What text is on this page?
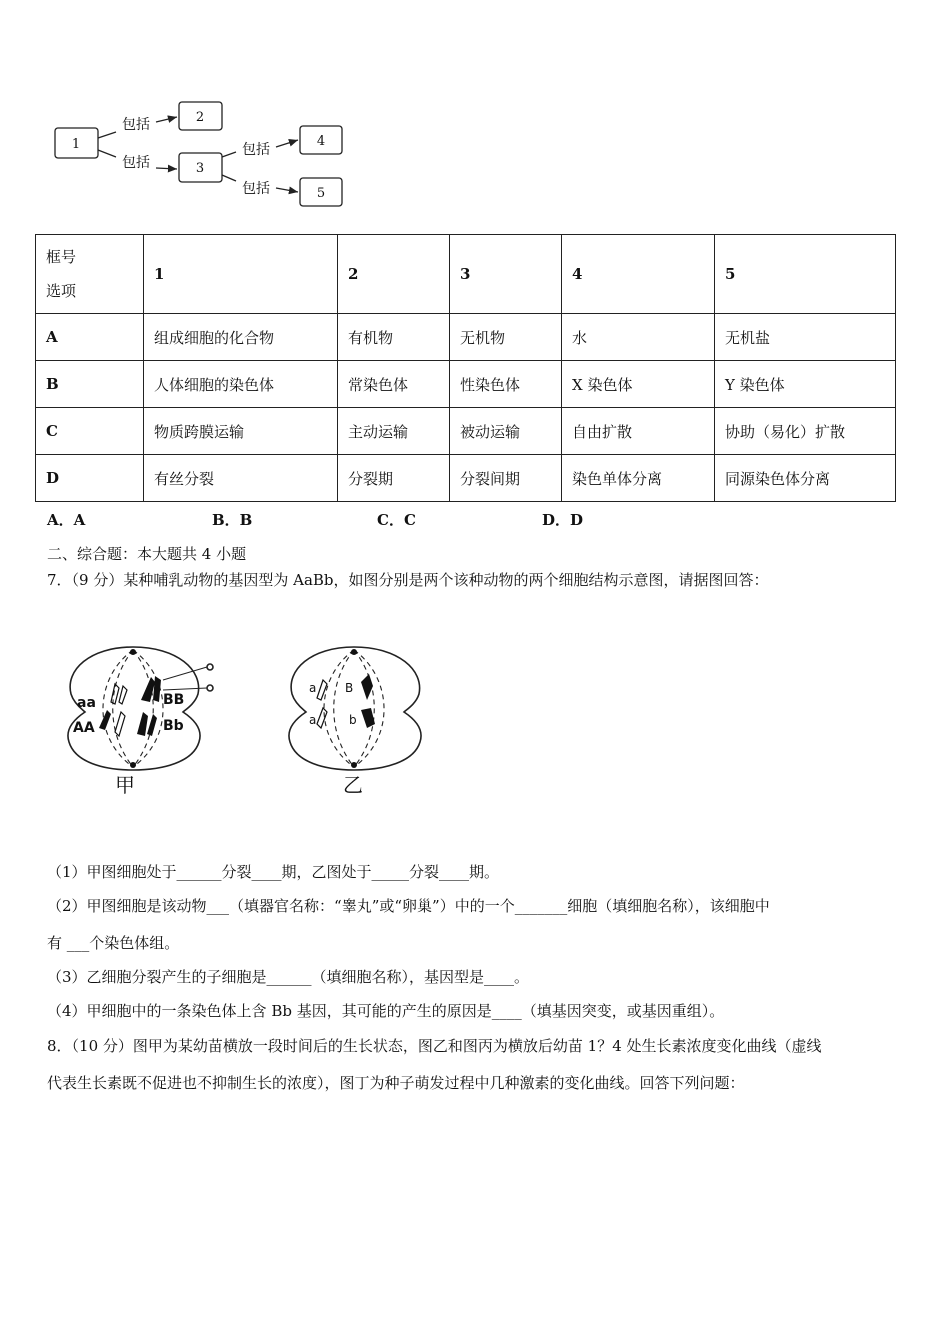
1
2
3
4
5
包括
包括
包括
包括
框号
选项	1	2	3	4	5
A	组成细胞的化合物	有机物	无机物	水	无机盐
B	人体细胞的染色体	常染色体	性染色体	X 染色体	Y 染色体
C	物质跨膜运输	主动运输	被动运输	自由扩散	协助（易化）扩散
D	有丝分裂	分裂期	分裂间期	染色单体分离	同源染色体分离
A．A	B．B	C．C	D．D
二、综合题：本大题共 4 小题
7．（9 分）某种哺乳动物的基因型为 AaBb，如图分别是两个该种动物的两个细胞结构示意图，请据图回答：
aa
AA
BB
Bb
a B
a	b
甲	乙
（1）甲图细胞处于______分裂____期，乙图处于_____分裂____期。
（2）甲图细胞是该动物___（填器官名称：“睾丸”或“卵巢”）中的一个_______细胞（填细胞名称），该细胞中
有 ___个染色体组。
（3）乙细胞分裂产生的子细胞是______（填细胞名称），基因型是____。
（4）甲细胞中的一条染色体上含 Bb 基因，其可能的产生的原因是____（填基因突变，或基因重组）。
8．（10 分）图甲为某幼苗横放一段时间后的生长状态，图乙和图丙为横放后幼苗 1？4 处生长素浓度变化曲线（虚线
代表生长素既不促进也不抑制生长的浓度），图丁为种子萌发过程中几种激素的变化曲线。回答下列问题：
